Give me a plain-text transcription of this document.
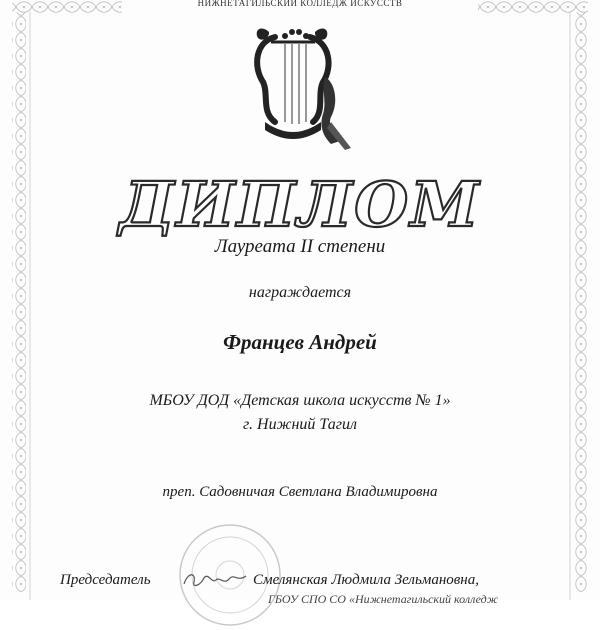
НИЖНЕТАГИЛЬСКИЙ КОЛЛЕДЖ ИСКУССТВ
ДИПЛОМ
Лауреата II степени
награждается
Францев Андрей
МБОУ ДОД «Детская школа искусств № 1»
г. Нижний Тагил
преп. Садовничая Светлана Владимировна
Председатель	Смелянская Людмила Зельмановна,
ГБОУ СПО СО «Нижнетагильский колледж
